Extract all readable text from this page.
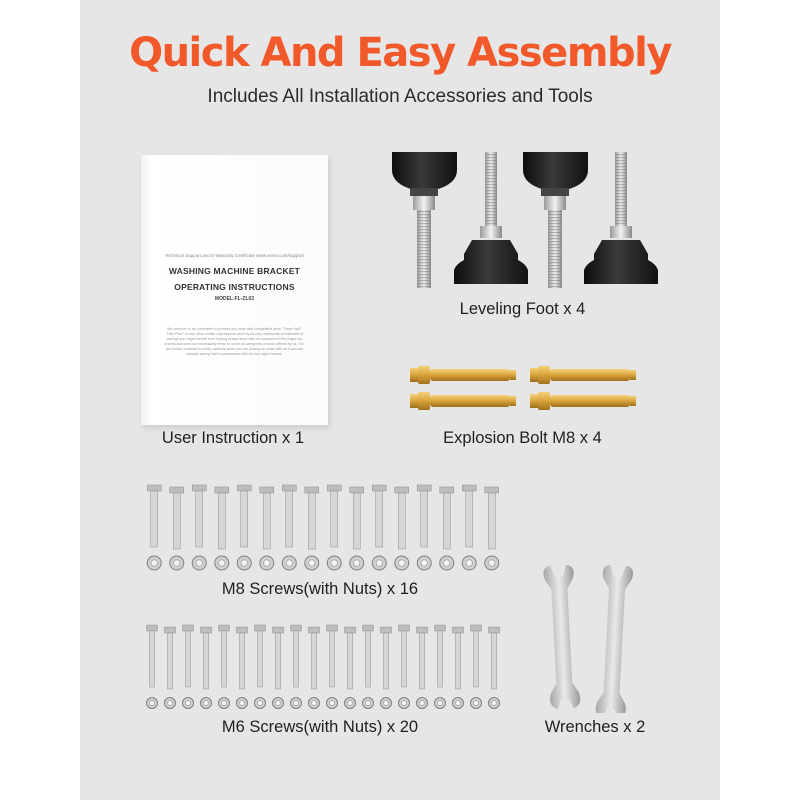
Quick And Easy Assembly
Includes All Installation Accessories and Tools
Technical Support and E-Warranty Certificate www.vevor.com/support
WASHING MACHINE BRACKET
OPERATING INSTRUCTIONS
MODEL:FL-ZL03
We continue to be committed to provide you tools with competitive price. "Save Half", "Half Price" or any other similar expressions used by us only represents an estimate of savings you might benefit from buying certain tools with us compared to the major top brands and does not necessarily mean to cover all categories of tools offered by us. You are kindly reminded to verify carefully when you are placing an order with us if you are actually saving half in comparison with the top major brands.
User Instruction x 1
Leveling Foot x 4
Explosion Bolt M8 x 4
M8 Screws(with Nuts) x 16
M6 Screws(with Nuts) x 20	Wrenches x 2
